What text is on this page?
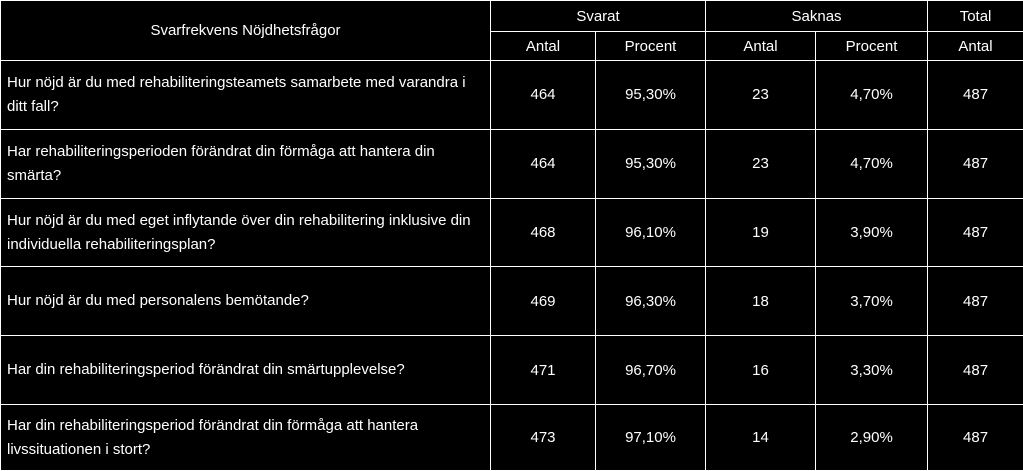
Svarfrekvens Nöjdhetsfrågor	Svarat		Saknas		Total
	Antal	Procent	Antal	Procent	Antal
Hur nöjd är du med rehabiliteringsteamets samarbete med varandra i ditt fall?	464	95,30%	23	4,70%	487
Har rehabiliteringsperioden förändrat din förmåga att hantera din smärta?	464	95,30%	23	4,70%	487
Hur nöjd är du med eget inflytande över din rehabilitering inklusive din individuella rehabiliteringsplan?	468	96,10%	19	3,90%	487
Hur nöjd är du med personalens bemötande?	469	96,30%	18	3,70%	487
Har din rehabiliteringsperiod förändrat din smärtupplevelse?	471	96,70%	16	3,30%	487
Har din rehabiliteringsperiod förändrat din förmåga att hantera livssituationen i stort?	473	97,10%	14	2,90%	487
